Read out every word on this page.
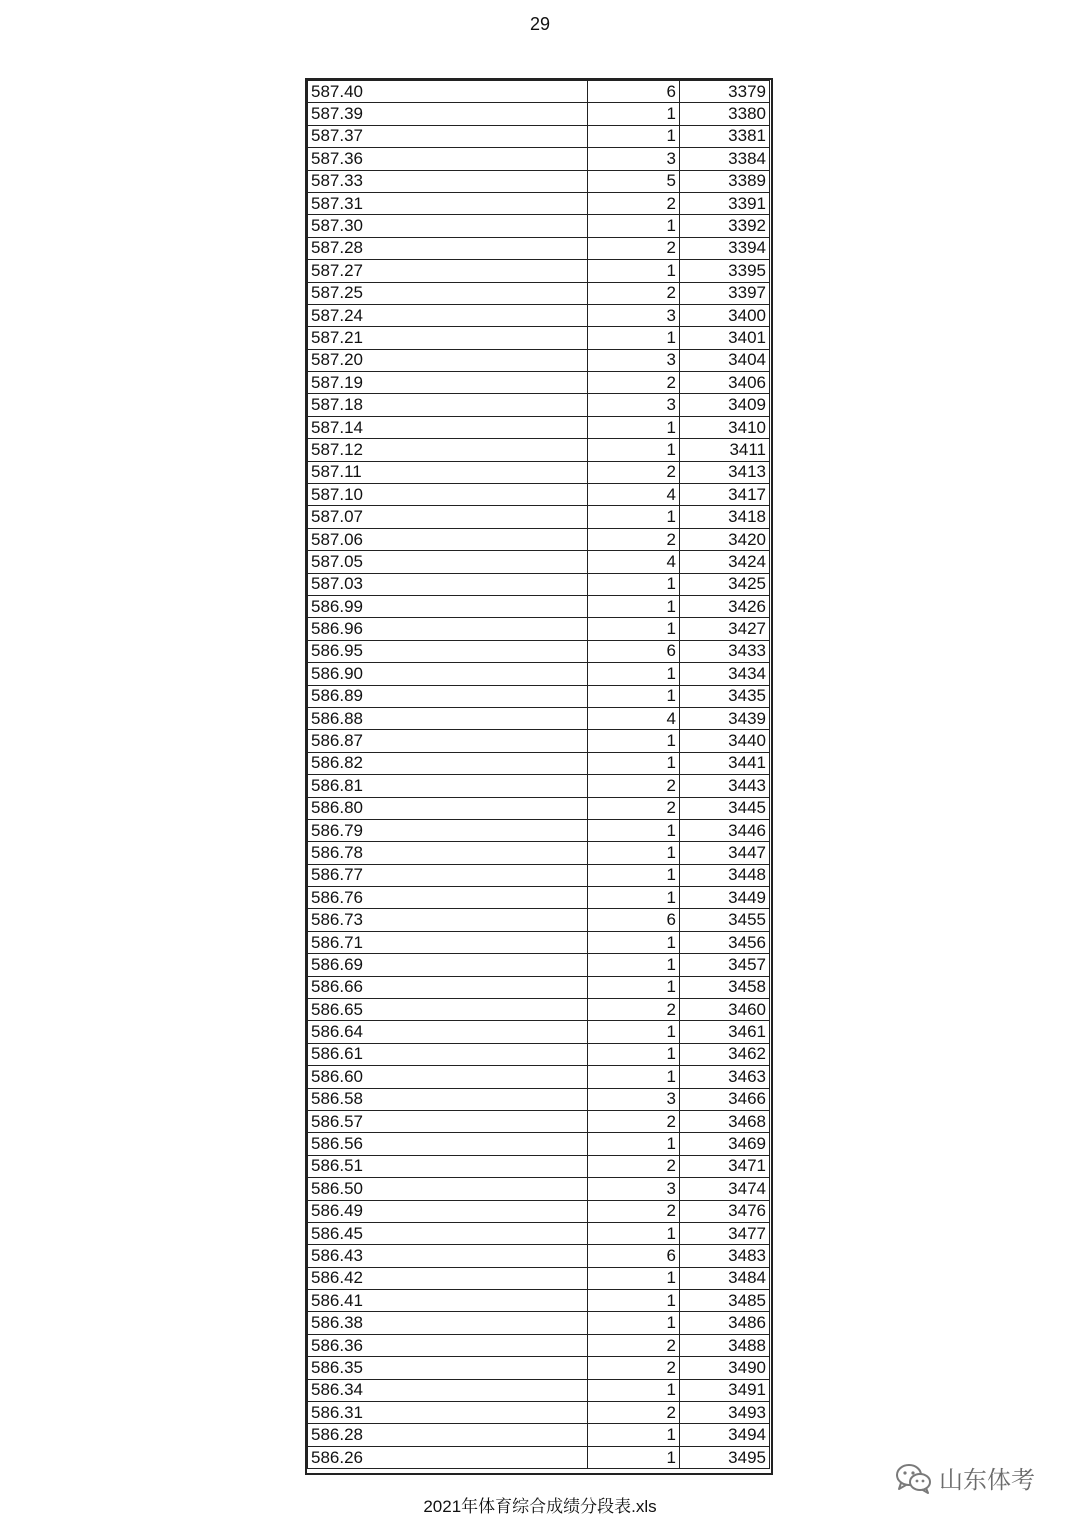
29
587.40	6	3379
587.39	1	3380
587.37	1	3381
587.36	3	3384
587.33	5	3389
587.31	2	3391
587.30	1	3392
587.28	2	3394
587.27	1	3395
587.25	2	3397
587.24	3	3400
587.21	1	3401
587.20	3	3404
587.19	2	3406
587.18	3	3409
587.14	1	3410
587.12	1	3411
587.11	2	3413
587.10	4	3417
587.07	1	3418
587.06	2	3420
587.05	4	3424
587.03	1	3425
586.99	1	3426
586.96	1	3427
586.95	6	3433
586.90	1	3434
586.89	1	3435
586.88	4	3439
586.87	1	3440
586.82	1	3441
586.81	2	3443
586.80	2	3445
586.79	1	3446
586.78	1	3447
586.77	1	3448
586.76	1	3449
586.73	6	3455
586.71	1	3456
586.69	1	3457
586.66	1	3458
586.65	2	3460
586.64	1	3461
586.61	1	3462
586.60	1	3463
586.58	3	3466
586.57	2	3468
586.56	1	3469
586.51	2	3471
586.50	3	3474
586.49	2	3476
586.45	1	3477
586.43	6	3483
586.42	1	3484
586.41	1	3485
586.38	1	3486
586.36	2	3488
586.35	2	3490
586.34	1	3491
586.31	2	3493
586.28	1	3494
586.26	1	3495
2021年体育综合成绩分段表.xls
山东体考
